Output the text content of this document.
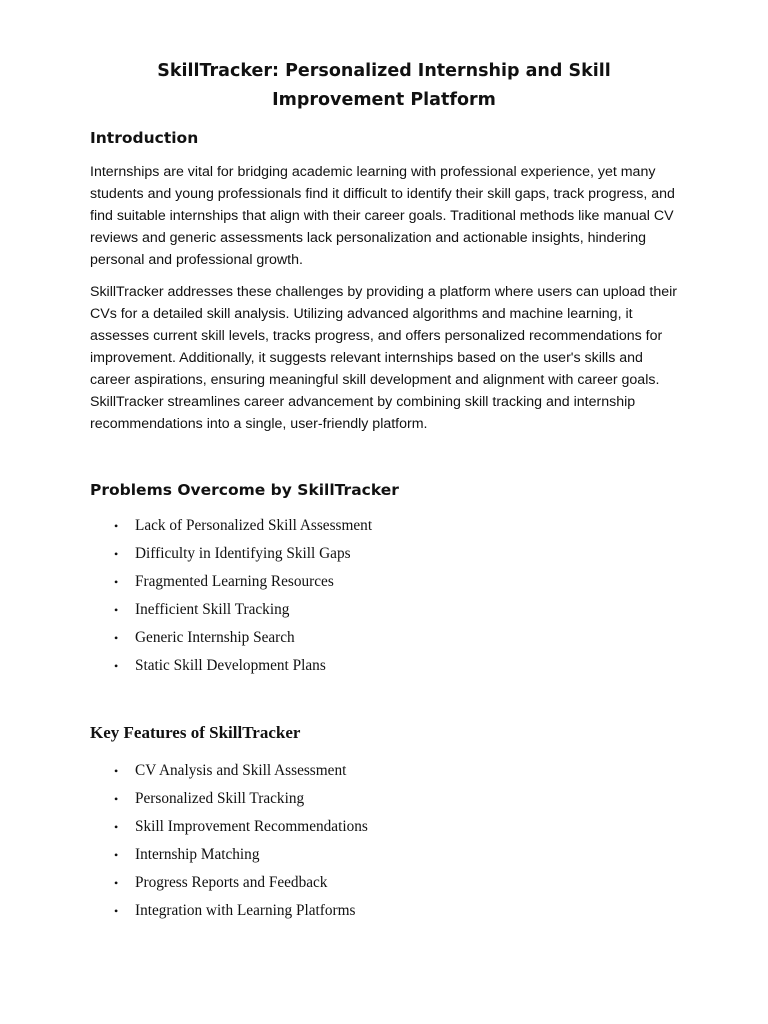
SkillTracker: Personalized Internship and Skill Improvement Platform
Introduction

Internships are vital for bridging academic learning with professional experience, yet many students and young professionals find it difficult to identify their skill gaps, track progress, and find suitable internships that align with their career goals. Traditional methods like manual CV reviews and generic assessments lack personalization and actionable insights, hindering personal and professional growth.

SkillTracker addresses these challenges by providing a platform where users can upload their CVs for a detailed skill analysis. Utilizing advanced algorithms and machine learning, it assesses current skill levels, tracks progress, and offers personalized recommendations for improvement. Additionally, it suggests relevant internships based on the user's skills and career aspirations, ensuring meaningful skill development and alignment with career goals. SkillTracker streamlines career advancement by combining skill tracking and internship recommendations into a single, user-friendly platform.

Problems Overcome by SkillTracker
• Lack of Personalized Skill Assessment
• Difficulty in Identifying Skill Gaps
• Fragmented Learning Resources
• Inefficient Skill Tracking
• Generic Internship Search
• Static Skill Development Plans
Key Features of SkillTracker
• CV Analysis and Skill Assessment
• Personalized Skill Tracking
• Skill Improvement Recommendations
• Internship Matching
• Progress Reports and Feedback
• Integration with Learning Platforms
